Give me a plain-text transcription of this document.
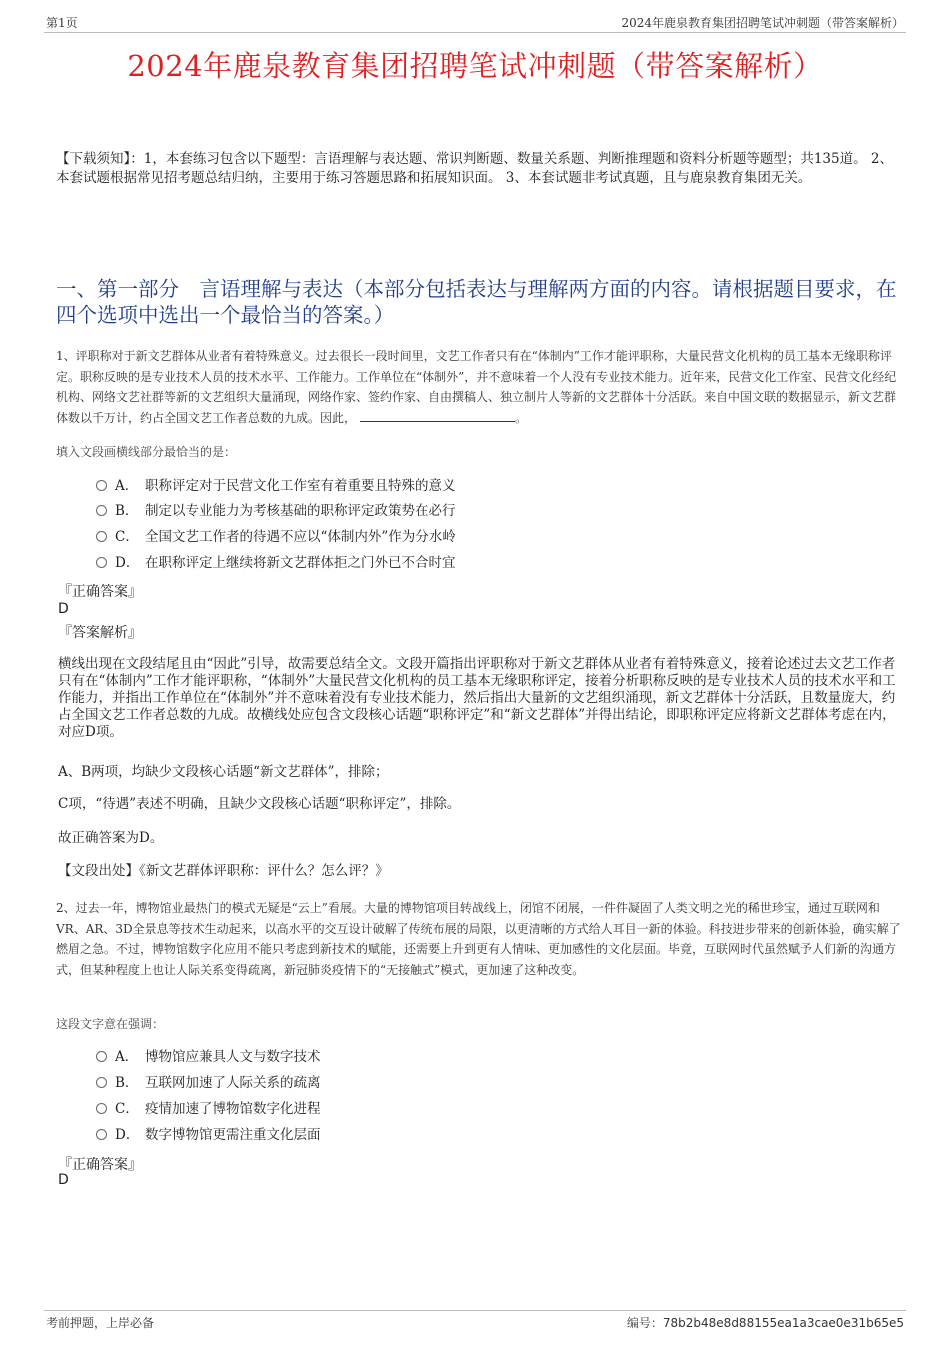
第1页	2024年鹿泉教育集团招聘笔试冲刺题（带答案解析）
2024年鹿泉教育集团招聘笔试冲刺题（带答案解析）
【下载须知】：1，本套练习包含以下题型：言语理解与表达题、常识判断题、数量关系题、判断推理题和资料分析题等题型；共135道。 2、本套试题根据常见招考题总结归纳，主要用于练习答题思路和拓展知识面。 3、本套试题非考试真题，且与鹿泉教育集团无关。
一、第一部分　言语理解与表达（本部分包括表达与理解两方面的内容。请根据题目要求，在四个选项中选出一个最恰当的答案。）
1、评职称对于新文艺群体从业者有着特殊意义。过去很长一段时间里，文艺工作者只有在“体制内”工作才能评职称，大量民营文化机构的员工基本无缘职称评定。职称反映的是专业技术人员的技术水平、工作能力。工作单位在“体制外”，并不意味着一个人没有专业技术能力。近年来，民营文化工作室、民营文化经纪机构、网络文艺社群等新的文艺组织大量涌现，网络作家、签约作家、自由撰稿人、独立制片人等新的文艺群体十分活跃。来自中国文联的数据显示，新文艺群体数以千万计，约占全国文艺工作者总数的九成。因此，	。
填入文段画横线部分最恰当的是：
A． 职称评定对于民营文化工作室有着重要且特殊的意义
B． 制定以专业能力为考核基础的职称评定政策势在必行
C． 全国文艺工作者的待遇不应以“体制内外”作为分水岭
D． 在职称评定上继续将新文艺群体拒之门外已不合时宜
『正确答案』
D
『答案解析』
横线出现在文段结尾且由“因此”引导，故需要总结全文。文段开篇指出评职称对于新文艺群体从业者有着特殊意义，接着论述过去文艺工作者只有在“体制内”工作才能评职称，“体制外”大量民营文化机构的员工基本无缘职称评定，接着分析职称反映的是专业技术人员的技术水平和工作能力，并指出工作单位在“体制外”并不意味着没有专业技术能力，然后指出大量新的文艺组织涌现，新文艺群体十分活跃，且数量庞大，约占全国文艺工作者总数的九成。故横线处应包含文段核心话题“职称评定”和“新文艺群体”并得出结论，即职称评定应将新文艺群体考虑在内，对应D项。
A、B两项，均缺少文段核心话题“新文艺群体”，排除；
C项，“待遇”表述不明确，且缺少文段核心话题“职称评定”，排除。
故正确答案为D。
【文段出处】《新文艺群体评职称：评什么？怎么评？》
2、过去一年，博物馆业最热门的模式无疑是“云上”看展。大量的博物馆项目转战线上，闭馆不闭展，一件件凝固了人类文明之光的稀世珍宝，通过互联网和VR、AR、3D全景息等技术生动起来，以高水平的交互设计破解了传统布展的局限，以更清晰的方式给人耳目一新的体验。科技进步带来的创新体验，确实解了燃眉之急。不过，博物馆数字化应用不能只考虑到新技术的赋能，还需要上升到更有人情味、更加感性的文化层面。毕竟，互联网时代虽然赋予人们新的沟通方式，但某种程度上也让人际关系变得疏离，新冠肺炎疫情下的“无接触式”模式，更加速了这种改变。
这段文字意在强调：
A． 博物馆应兼具人文与数字技术
B． 互联网加速了人际关系的疏离
C． 疫情加速了博物馆数字化进程
D． 数字博物馆更需注重文化层面
『正确答案』
D
考前押题，上岸必备	编号：78b2b48e8d88155ea1a3cae0e31b65e5
